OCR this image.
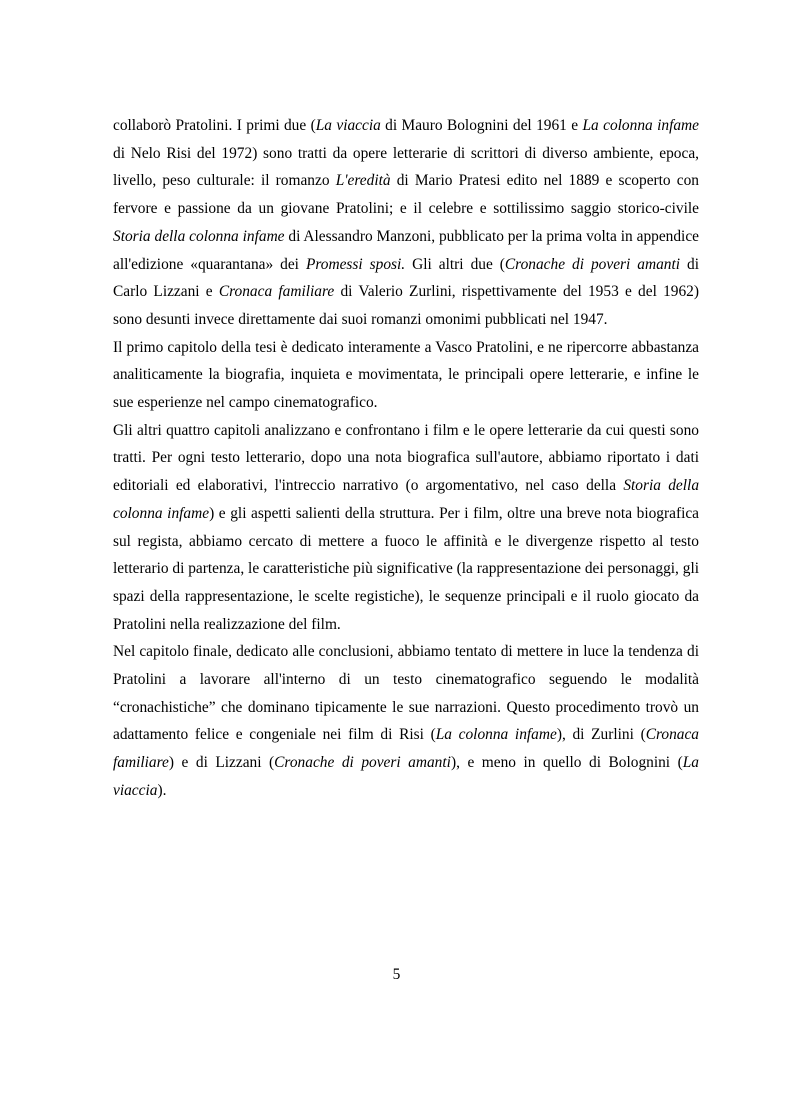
collaborò Pratolini. I primi due (La viaccia di Mauro Bolognini del 1961 e La colonna infame di Nelo Risi del 1972) sono tratti da opere letterarie di scrittori di diverso ambiente, epoca, livello, peso culturale: il romanzo L'eredità di Mario Pratesi edito nel 1889 e scoperto con fervore e passione da un giovane Pratolini; e il celebre e sottilissimo saggio storico-civile Storia della colonna infame di Alessandro Manzoni, pubblicato per la prima volta in appendice all'edizione «quarantana» dei Promessi sposi. Gli altri due (Cronache di poveri amanti di Carlo Lizzani e Cronaca familiare di Valerio Zurlini, rispettivamente del 1953 e del 1962) sono desunti invece direttamente dai suoi romanzi omonimi pubblicati nel 1947.

Il primo capitolo della tesi è dedicato interamente a Vasco Pratolini, e ne ripercorre abbastanza analiticamente la biografia, inquieta e movimentata, le principali opere letterarie, e infine le sue esperienze nel campo cinematografico.

Gli altri quattro capitoli analizzano e confrontano i film e le opere letterarie da cui questi sono tratti. Per ogni testo letterario, dopo una nota biografica sull'autore, abbiamo riportato i dati editoriali ed elaborativi, l'intreccio narrativo (o argomentativo, nel caso della Storia della colonna infame) e gli aspetti salienti della struttura. Per i film, oltre una breve nota biografica sul regista, abbiamo cercato di mettere a fuoco le affinità e le divergenze rispetto al testo letterario di partenza, le caratteristiche più significative (la rappresentazione dei personaggi, gli spazi della rappresentazione, le scelte registiche), le sequenze principali e il ruolo giocato da Pratolini nella realizzazione del film.

Nel capitolo finale, dedicato alle conclusioni, abbiamo tentato di mettere in luce la tendenza di Pratolini a lavorare all'interno di un testo cinematografico seguendo le modalità “cronachistiche” che dominano tipicamente le sue narrazioni. Questo procedimento trovò un adattamento felice e congeniale nei film di Risi (La colonna infame), di Zurlini (Cronaca familiare) e di Lizzani (Cronache di poveri amanti), e meno in quello di Bolognini (La viaccia).

5
